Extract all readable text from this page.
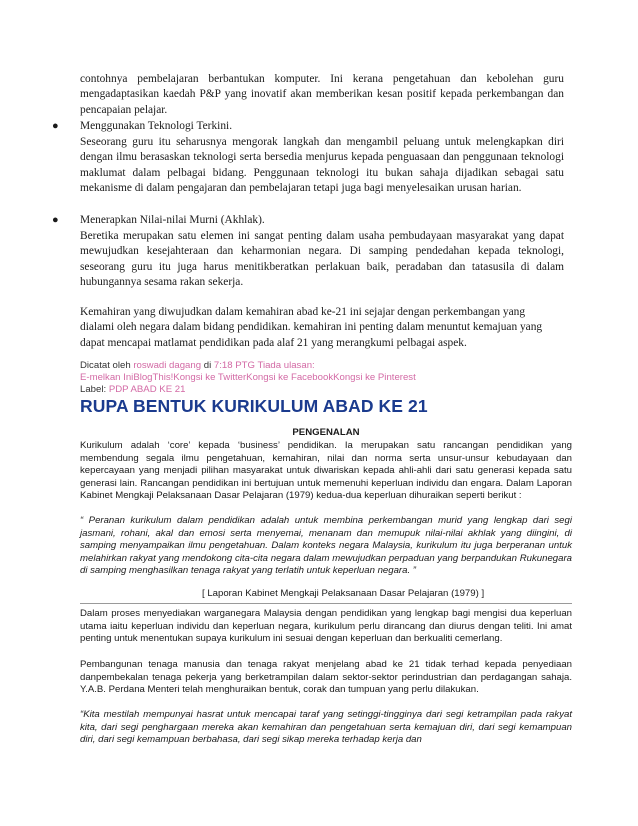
contohnya pembelajaran berbantukan komputer. Ini kerana pengetahuan dan kebolehan guru mengadaptasikan kaedah P&P yang inovatif akan memberikan kesan positif kepada perkembangan dan pencapaian pelajar.

●	Menggunakan Teknologi Terkini.

Seseorang guru itu seharusnya mengorak langkah dan mengambil peluang untuk melengkapkan diri dengan ilmu berasaskan teknologi serta bersedia menjurus kepada penguasaan dan penggunaan teknologi maklumat dalam pelbagai bidang. Penggunaan teknologi itu bukan sahaja dijadikan sebagai satu mekanisme di dalam pengajaran dan pembelajaran tetapi juga bagi menyelesaikan urusan harian.

●	Menerapkan Nilai-nilai Murni (Akhlak).

Beretika merupakan satu elemen ini sangat penting dalam usaha pembudayaan masyarakat yang dapat mewujudkan kesejahteraan dan keharmonian negara. Di samping pendedahan kepada teknologi, seseorang guru itu juga harus menitikberatkan perlakuan baik, peradaban dan tatasusila di dalam hubungannya sesama rakan sekerja.

Kemahiran yang diwujudkan dalam kemahiran abad ke-21 ini sejajar dengan perkembangan yang dialami oleh negara dalam bidang pendidikan. kemahiran ini penting dalam menuntut kemajuan yang dapat mencapai matlamat pendidikan pada alaf 21 yang merangkumi pelbagai aspek.

Dicatat oleh roswadi dagang di 7:18 PTG Tiada ulasan:
E-melkan IniBlogThis!Kongsi ke TwitterKongsi ke FacebookKongsi ke Pinterest
Label: PDP ABAD KE 21
RUPA BENTUK KURIKULUM ABAD KE 21
PENGENALAN

Kurikulum adalah ‘core’ kepada ‘business’ pendidikan. Ia merupakan satu rancangan pendidikan yang membendung segala ilmu pengetahuan, kemahiran, nilai dan norma serta unsur-unsur kebudayaan dan kepercayaan yang menjadi pilihan masyarakat untuk diwariskan kepada ahli-ahli dari satu generasi kepada satu generasi lain. Rancangan pendidikan ini bertujuan untuk memenuhi keperluan individu dan engara. Dalam Laporan Kabinet Mengkaji Pelaksanaan Dasar Pelajaran (1979) kedua-dua keperluan dihuraikan seperti berikut :

“ Peranan kurikulum dalam pendidikan adalah untuk membina perkembangan murid yang lengkap dari segi jasmani, rohani, akal dan emosi serta menyemai, menanam dan memupuk nilai-nilai akhlak yang diingini, di samping menyampaikan ilmu pengetahuan. Dalam konteks negara Malaysia, kurikulum itu juga berperanan untuk melahirkan rakyat yang mendokong cita-cita negara dalam mewujudkan perpaduan yang berpandukan Rukunegara di samping menghasilkan tenaga rakyat yang terlatih untuk keperluan negara. ”

[ Laporan Kabinet Mengkaji Pelaksanaan Dasar Pelajaran (1979) ]

Dalam proses menyediakan warganegara Malaysia dengan pendidikan yang lengkap bagi mengisi dua keperluan utama iaitu keperluan individu dan keperluan negara, kurikulum perlu dirancang dan diurus dengan teliti. Ini amat penting untuk menentukan supaya kurikulum ini sesuai dengan keperluan dan berkualiti cemerlang.

Pembangunan tenaga manusia dan tenaga rakyat menjelang abad ke 21 tidak terhad kepada penyediaan danpembekalan tenaga pekerja yang berketrampilan dalam sektor-sektor perindustrian dan perdagangan sahaja. Y.A.B. Perdana Menteri telah menghuraikan bentuk, corak dan tumpuan yang perlu dilakukan.

“Kita mestilah mempunyai hasrat untuk mencapai taraf yang setinggi-tingginya dari segi ketrampilan pada rakyat kita, dari segi penghargaan mereka akan kemahiran dan pengetahuan serta kemajuan diri, dari segi kemampuan diri, dari segi kemampuan berbahasa, dari segi sikap mereka terhadap kerja dan
